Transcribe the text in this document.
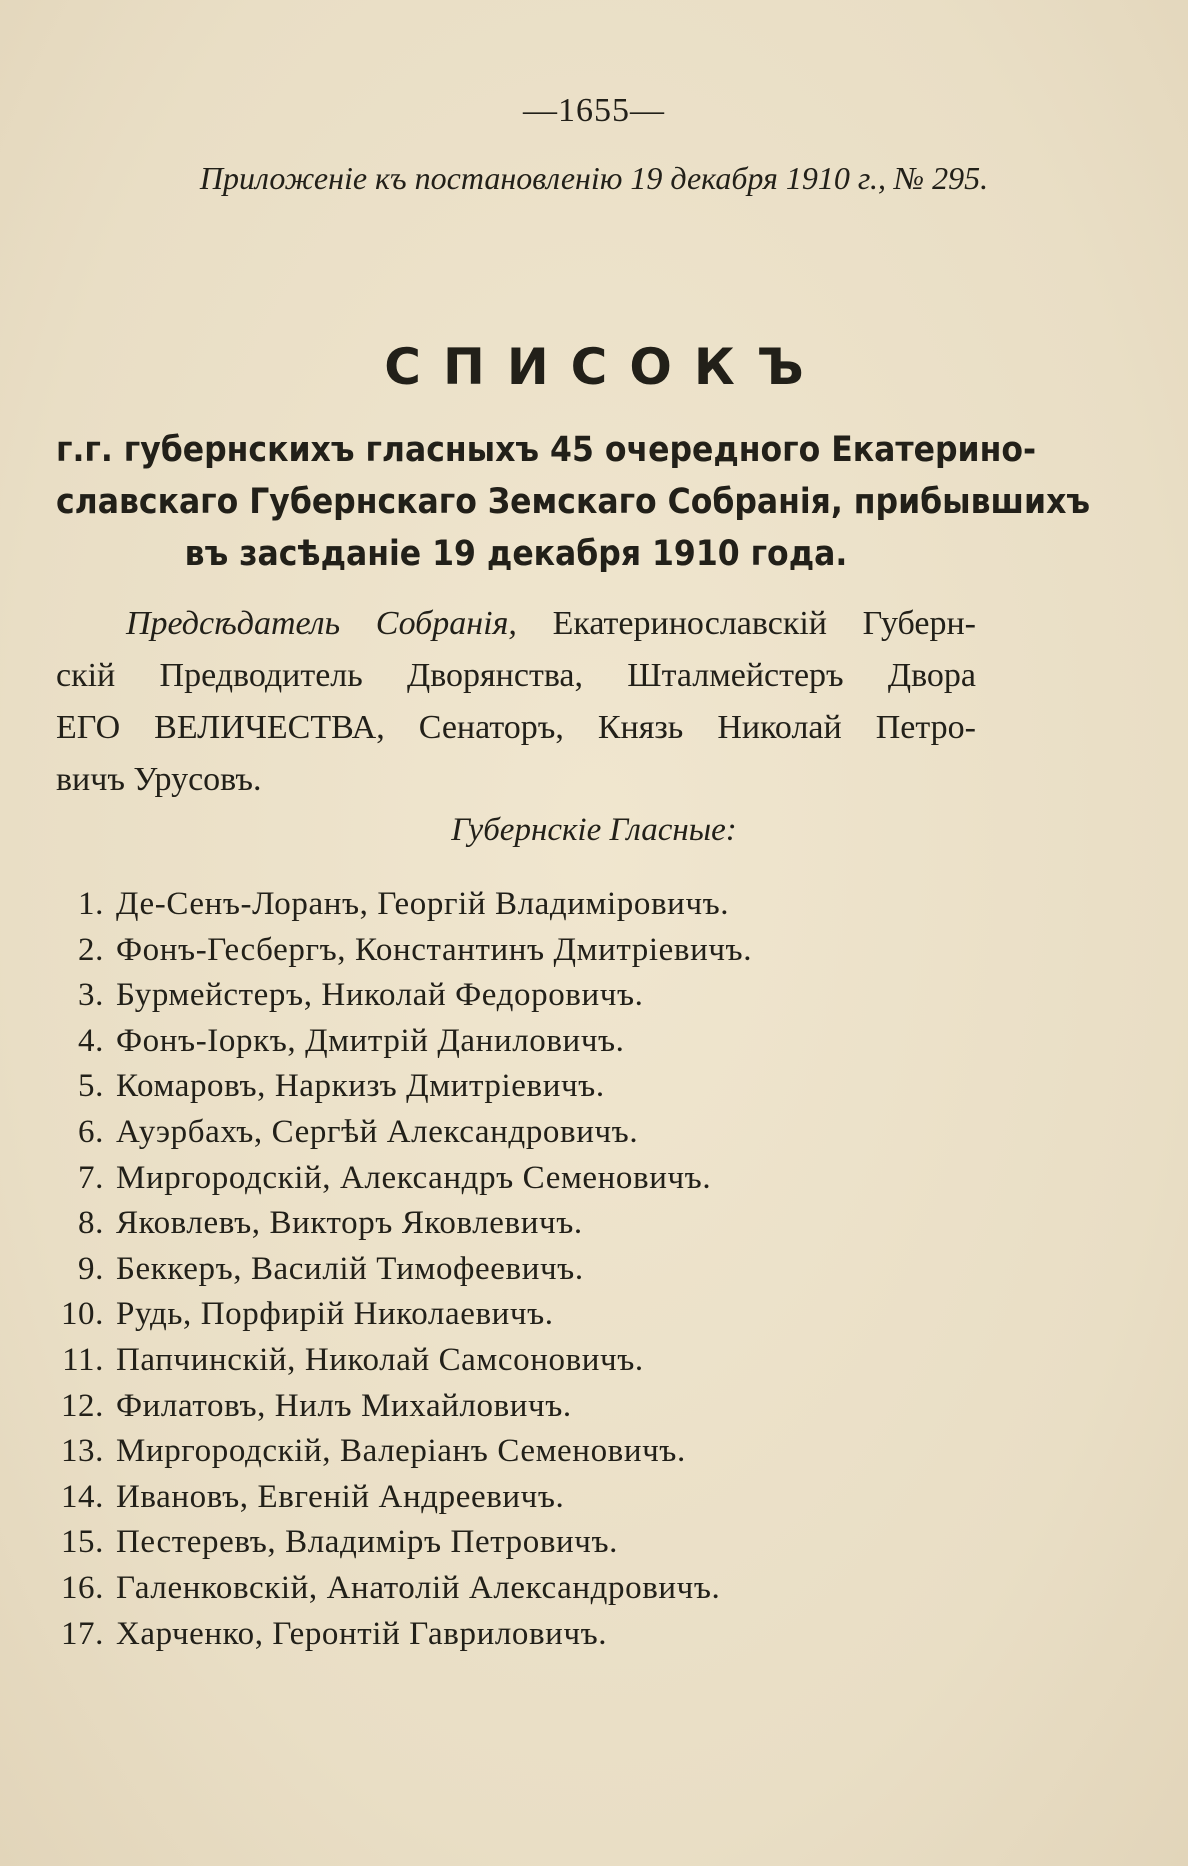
—1655—
Приложеніе къ постановленію 19 декабря 1910 г., № 295.
СПИСОКЪ
г.г. губернскихъ гласныхъ 45 очередного Екатерино-
славскаго Губернскаго Земскаго Собранія, прибывшихъ
въ засѣданіе 19 декабря 1910 года.
Предсѣдатель Собранія, Екатеринославскій Губерн-
скій Предводитель Дворянства, Шталмейстеръ Двора
ЕГО ВЕЛИЧЕСТВА, Сенаторъ, Князь Николай Петро-
вичъ Урусовъ.
Губернскіе Гласные:
1. Де-Сенъ-Лоранъ, Георгій Владиміровичъ.
2. Фонъ-Гесбергъ, Константинъ Дмитріевичъ.
3. Бурмейстеръ, Николай Федоровичъ.
4. Фонъ-Іоркъ, Дмитрій Даниловичъ.
5. Комаровъ, Наркизъ Дмитріевичъ.
6. Ауэрбахъ, Сергѣй Александровичъ.
7. Миргородскій, Александръ Семеновичъ.
8. Яковлевъ, Викторъ Яковлевичъ.
9. Беккеръ, Василій Тимофеевичъ.
10. Рудь, Порфирій Николаевичъ.
11. Папчинскій, Николай Самсоновичъ.
12. Филатовъ, Нилъ Михайловичъ.
13. Миргородскій, Валеріанъ Семеновичъ.
14. Ивановъ, Евгеній Андреевичъ.
15. Пестеревъ, Владиміръ Петровичъ.
16. Галенковскій, Анатолій Александровичъ.
17. Харченко, Геронтій Гавриловичъ.
